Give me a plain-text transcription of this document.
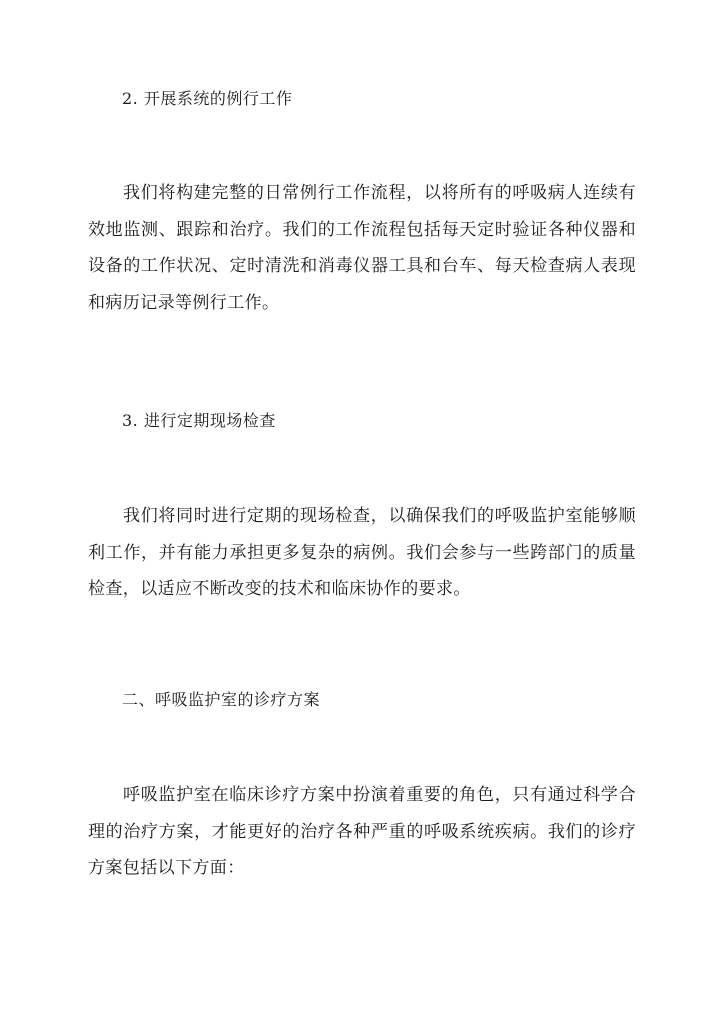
2. 开展系统的例行工作
我们将构建完整的日常例行工作流程，以将所有的呼吸病人连续有效地监测、跟踪和治疗。我们的工作流程包括每天定时验证各种仪器和设备的工作状况、定时清洗和消毒仪器工具和台车、每天检查病人表现和病历记录等例行工作。
3. 进行定期现场检查
我们将同时进行定期的现场检查，以确保我们的呼吸监护室能够顺利工作，并有能力承担更多复杂的病例。我们会参与一些跨部门的质量检查，以适应不断改变的技术和临床协作的要求。
二、呼吸监护室的诊疗方案
呼吸监护室在临床诊疗方案中扮演着重要的角色，只有通过科学合理的治疗方案，才能更好的治疗各种严重的呼吸系统疾病。我们的诊疗方案包括以下方面：
